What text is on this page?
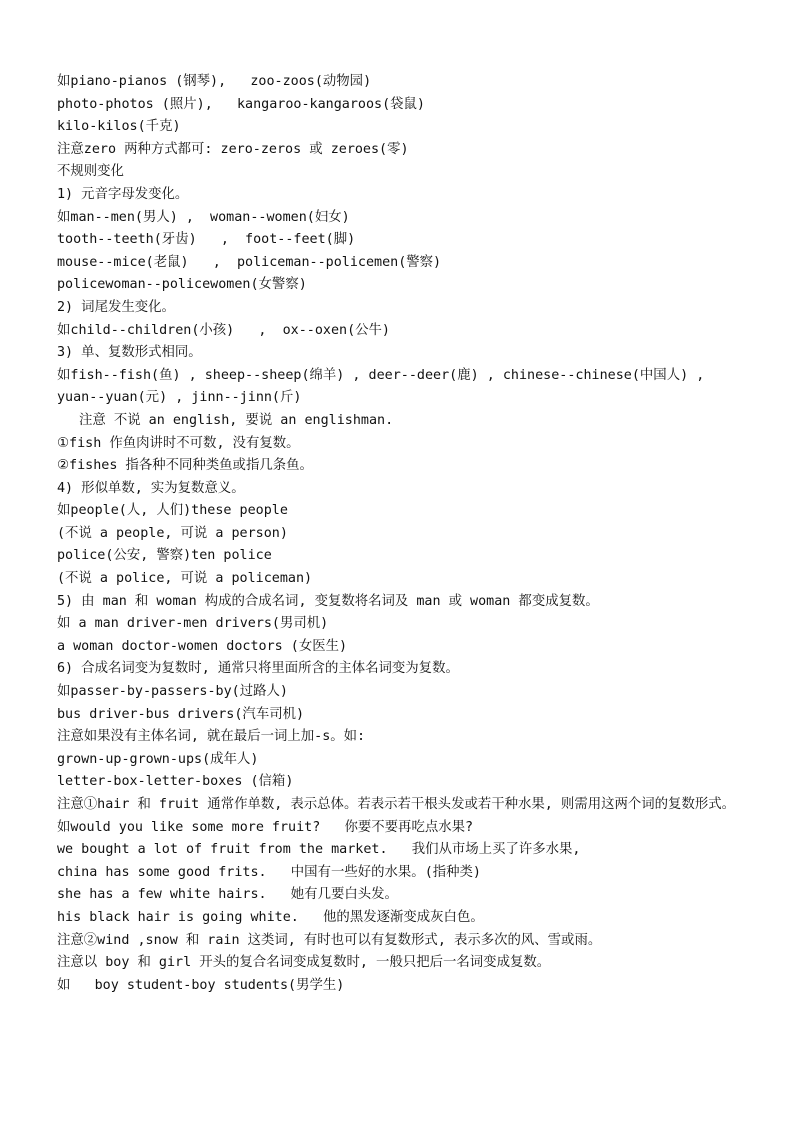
如piano-pianos (钢琴),   zoo-zoos(动物园)
photo-photos (照片),   kangaroo-kangaroos(袋鼠)
kilo-kilos(千克)
注意zero 两种方式都可: zero-zeros 或 zeroes(零)
不规则变化
1) 元音字母发变化。
如man--men(男人) ,  woman--women(妇女)
tooth--teeth(牙齿)   ,  foot--feet(脚)
mouse--mice(老鼠)   ,  policeman--policemen(警察)
policewoman--policewomen(女警察)
2) 词尾发生变化。
如child--children(小孩)   ,  ox--oxen(公牛)
3) 单、复数形式相同。
如fish--fish(鱼) , sheep--sheep(绵羊) , deer--deer(鹿) , chinese--chinese(中国人) ,
yuan--yuan(元) , jinn--jinn(斤)
注意 不说 an english, 要说 an englishman.
①fish 作鱼肉讲时不可数, 没有复数。
②fishes 指各种不同种类鱼或指几条鱼。
4) 形似单数, 实为复数意义。
如people(人, 人们)these people
(不说 a people, 可说 a person)
police(公安, 警察)ten police
(不说 a police, 可说 a policeman)
5) 由 man 和 woman 构成的合成名词, 变复数将名词及 man 或 woman 都变成复数。
如 a man driver-men drivers(男司机)
a woman doctor-women doctors (女医生)
6) 合成名词变为复数时, 通常只将里面所含的主体名词变为复数。
如passer-by-passers-by(过路人)
bus driver-bus drivers(汽车司机)
注意如果没有主体名词, 就在最后一词上加-s。如:
grown-up-grown-ups(成年人)
letter-box-letter-boxes (信箱)
注意①hair 和 fruit 通常作单数, 表示总体。若表示若干根头发或若干种水果, 则需用这两个词的复数形式。
如would you like some more fruit?   你要不要再吃点水果?
we bought a lot of fruit from the market.   我们从市场上买了许多水果,
china has some good frits.   中国有一些好的水果。(指种类)
she has a few white hairs.   她有几要白头发。
his black hair is going white.   他的黑发逐渐变成灰白色。
注意②wind ,snow 和 rain 这类词, 有时也可以有复数形式, 表示多次的风、雪或雨。
注意以 boy 和 girl 开头的复合名词变成复数时, 一般只把后一名词变成复数。
如   boy student-boy students(男学生)
